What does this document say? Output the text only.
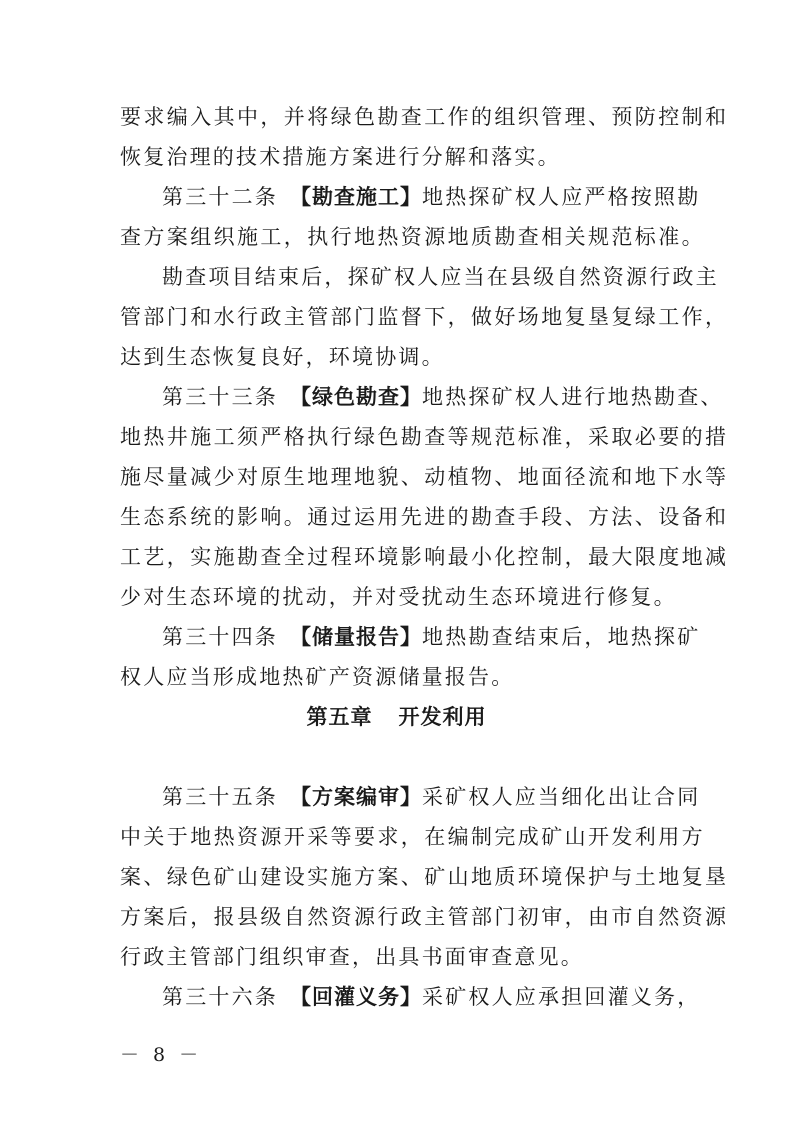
要求编入其中，并将绿色勘查工作的组织管理、预防控制和
恢复治理的技术措施方案进行分解和落实。
第三十二条 【勘查施工】地热探矿权人应严格按照勘
查方案组织施工，执行地热资源地质勘查相关规范标准。
勘查项目结束后，探矿权人应当在县级自然资源行政主
管部门和水行政主管部门监督下，做好场地复垦复绿工作，
达到生态恢复良好，环境协调。
第三十三条 【绿色勘查】地热探矿权人进行地热勘查、
地热井施工须严格执行绿色勘查等规范标准，采取必要的措
施尽量减少对原生地理地貌、动植物、地面径流和地下水等
生态系统的影响。通过运用先进的勘查手段、方法、设备和
工艺，实施勘查全过程环境影响最小化控制，最大限度地减
少对生态环境的扰动，并对受扰动生态环境进行修复。
第三十四条 【储量报告】地热勘查结束后，地热探矿
权人应当形成地热矿产资源储量报告。
第五章 开发利用
第三十五条 【方案编审】采矿权人应当细化出让合同
中关于地热资源开采等要求，在编制完成矿山开发利用方
案、绿色矿山建设实施方案、矿山地质环境保护与土地复垦
方案后，报县级自然资源行政主管部门初审，由市自然资源
行政主管部门组织审查，出具书面审查意见。
第三十六条 【回灌义务】采矿权人应承担回灌义务，
－ 8 －
